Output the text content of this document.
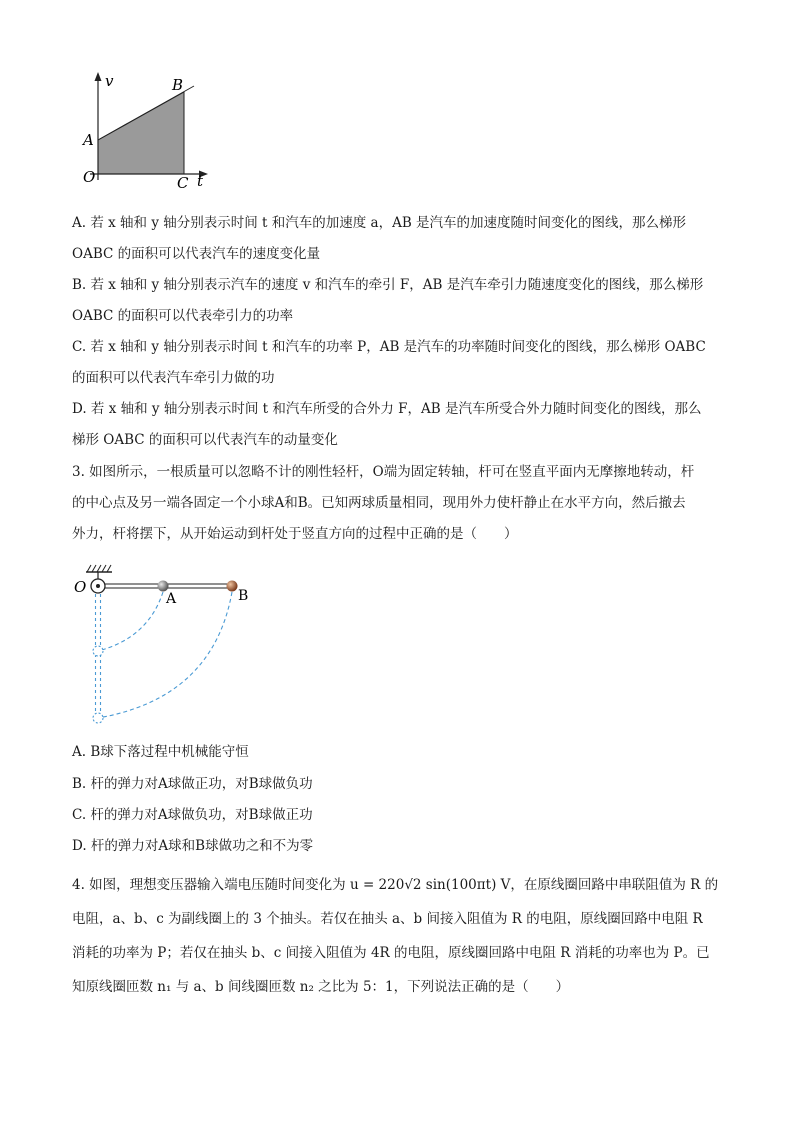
v	B
A
O	C t
A. 若 x 轴和 y 轴分别表示时间 t 和汽车的加速度 a，AB 是汽车的加速度随时间变化的图线，那么梯形
OABC 的面积可以代表汽车的速度变化量
B. 若 x 轴和 y 轴分别表示汽车的速度 v 和汽车的牵引 F，AB 是汽车牵引力随速度变化的图线，那么梯形
OABC 的面积可以代表牵引力的功率
C. 若 x 轴和 y 轴分别表示时间 t 和汽车的功率 P，AB 是汽车的功率随时间变化的图线，那么梯形 OABC
的面积可以代表汽车牵引力做的功
D. 若 x 轴和 y 轴分别表示时间 t 和汽车所受的合外力 F，AB 是汽车所受合外力随时间变化的图线，那么
梯形 OABC 的面积可以代表汽车的动量变化
3. 如图所示，一根质量可以忽略不计的刚性轻杆，O端为固定转轴，杆可在竖直平面内无摩擦地转动，杆
的中心点及另一端各固定一个小球A和B。已知两球质量相同，现用外力使杆静止在水平方向，然后撤去
外力，杆将摆下，从开始运动到杆处于竖直方向的过程中正确的是（　　）
O
A	B
A. B球下落过程中机械能守恒
B. 杆的弹力对A球做正功，对B球做负功
C. 杆的弹力对A球做负功，对B球做正功
D. 杆的弹力对A球和B球做功之和不为零
4. 如图，理想变压器输入端电压随时间变化为 u = 220√2 sin(100πt) V，在原线圈回路中串联阻值为 R 的
电阻，a、b、c 为副线圈上的 3 个抽头。若仅在抽头 a、b 间接入阻值为 R 的电阻，原线圈回路中电阻 R
消耗的功率为 P；若仅在抽头 b、c 间接入阻值为 4R 的电阻，原线圈回路中电阻 R 消耗的功率也为 P。已
知原线圈匝数 n₁ 与 a、b 间线圈匝数 n₂ 之比为 5：1，下列说法正确的是（　　）
